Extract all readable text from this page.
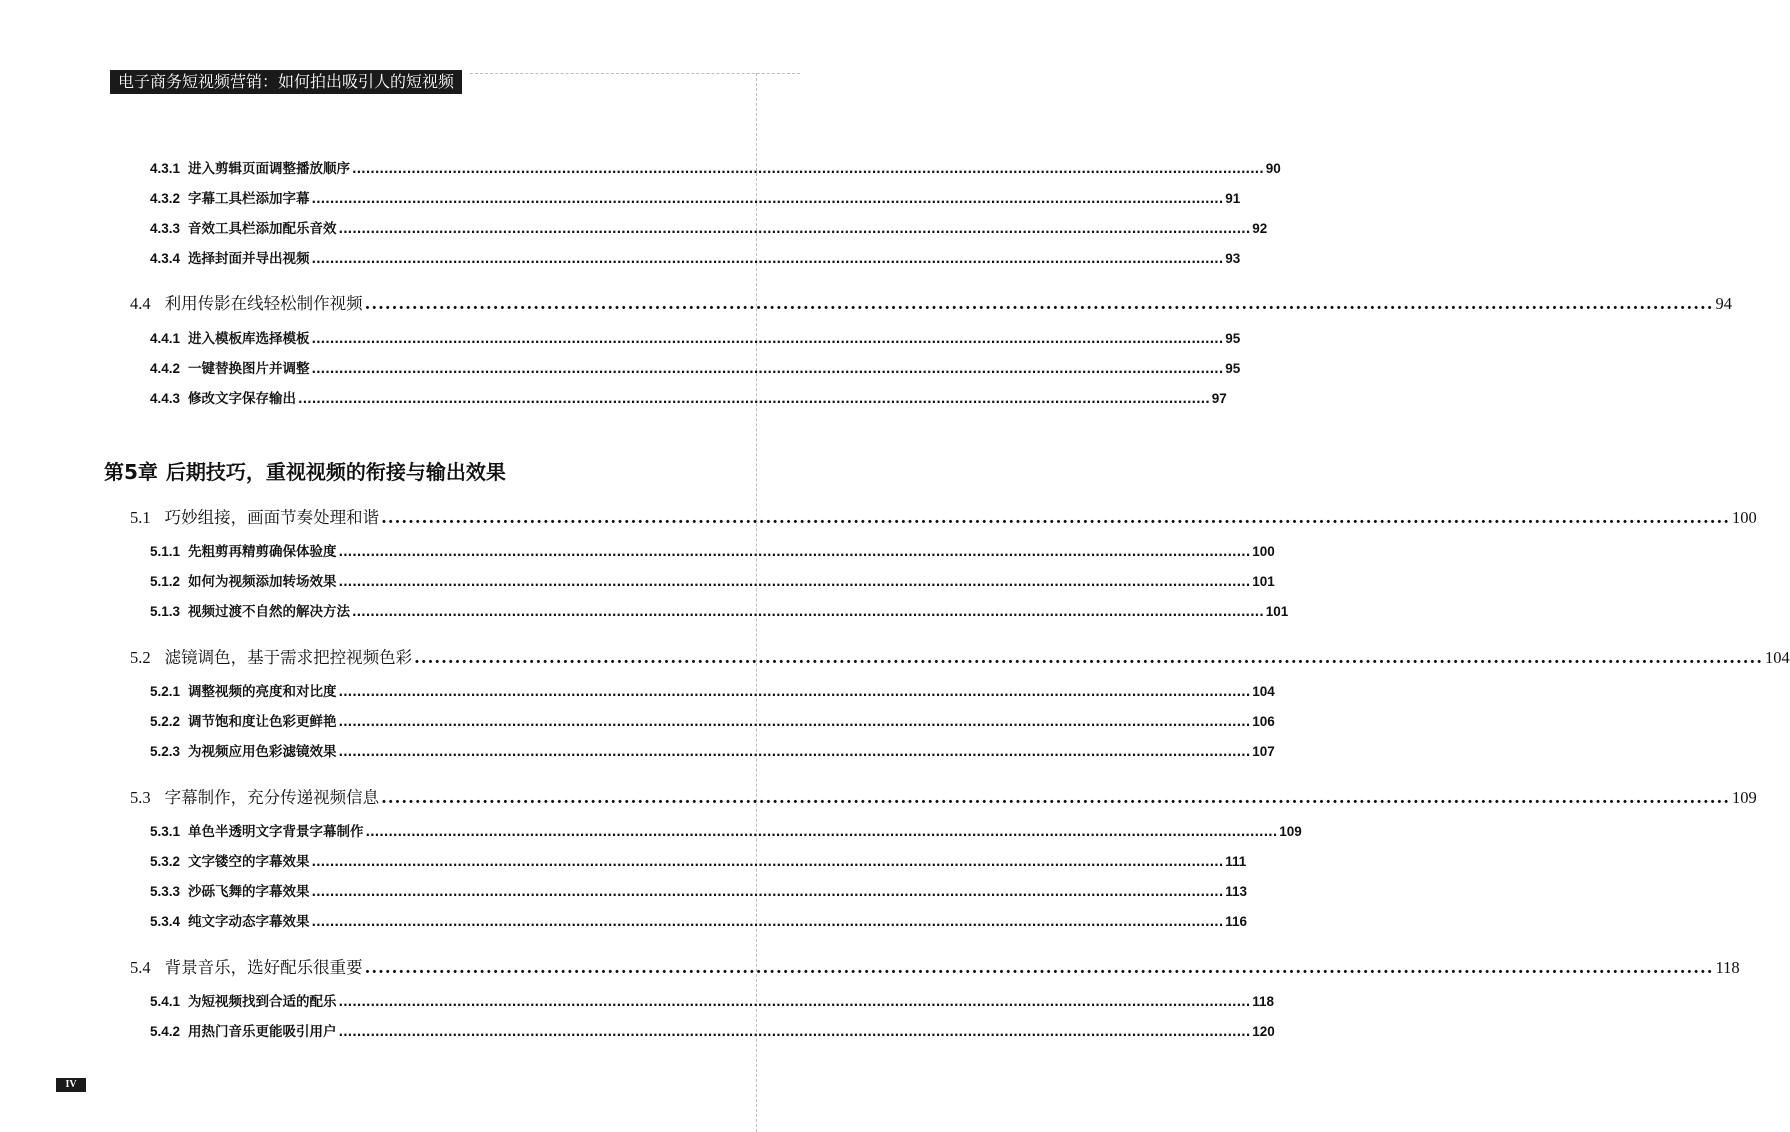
电子商务短视频营销：如何拍出吸引人的短视频
4.3.1 进入剪辑页面调整播放顺序 ........................................................................................................................................................................................................ 90
4.3.2 字幕工具栏添加字幕 ........................................................................................................................................................................................................ 91
4.3.3 音效工具栏添加配乐音效 ........................................................................................................................................................................................................ 92
4.3.4 选择封面并导出视频 ........................................................................................................................................................................................................ 93
4.4 利用传影在线轻松制作视频 ........................................................................................................................................................................................................ 94
4.4.1 进入模板库选择模板 ........................................................................................................................................................................................................ 95
4.4.2 一键替换图片并调整 ........................................................................................................................................................................................................ 95
4.4.3 修改文字保存输出 ........................................................................................................................................................................................................ 97
5.1 巧妙组接，画面节奏处理和谐 ........................................................................................................................................................................................................ 100
5.1.1 先粗剪再精剪确保体验度 ........................................................................................................................................................................................................ 100
5.1.2 如何为视频添加转场效果 ........................................................................................................................................................................................................ 101
5.1.3 视频过渡不自然的解决方法 ........................................................................................................................................................................................................ 101
5.2 滤镜调色，基于需求把控视频色彩 ........................................................................................................................................................................................................ 104
5.2.1 调整视频的亮度和对比度 ........................................................................................................................................................................................................ 104
5.2.2 调节饱和度让色彩更鲜艳 ........................................................................................................................................................................................................ 106
5.2.3 为视频应用色彩滤镜效果 ........................................................................................................................................................................................................ 107
5.3 字幕制作，充分传递视频信息 ........................................................................................................................................................................................................ 109
5.3.1 单色半透明文字背景字幕制作 ........................................................................................................................................................................................................ 109
5.3.2 文字镂空的字幕效果 ........................................................................................................................................................................................................ 111
5.3.3 沙砾飞舞的字幕效果 ........................................................................................................................................................................................................ 113
5.3.4 纯文字动态字幕效果 ........................................................................................................................................................................................................ 116
5.4 背景音乐，选好配乐很重要 ........................................................................................................................................................................................................ 118
5.4.1 为短视频找到合适的配乐 ........................................................................................................................................................................................................ 118
5.4.2 用热门音乐更能吸引用户 ........................................................................................................................................................................................................ 120
第5章 后期技巧，重视视频的衔接与输出效果
IV
